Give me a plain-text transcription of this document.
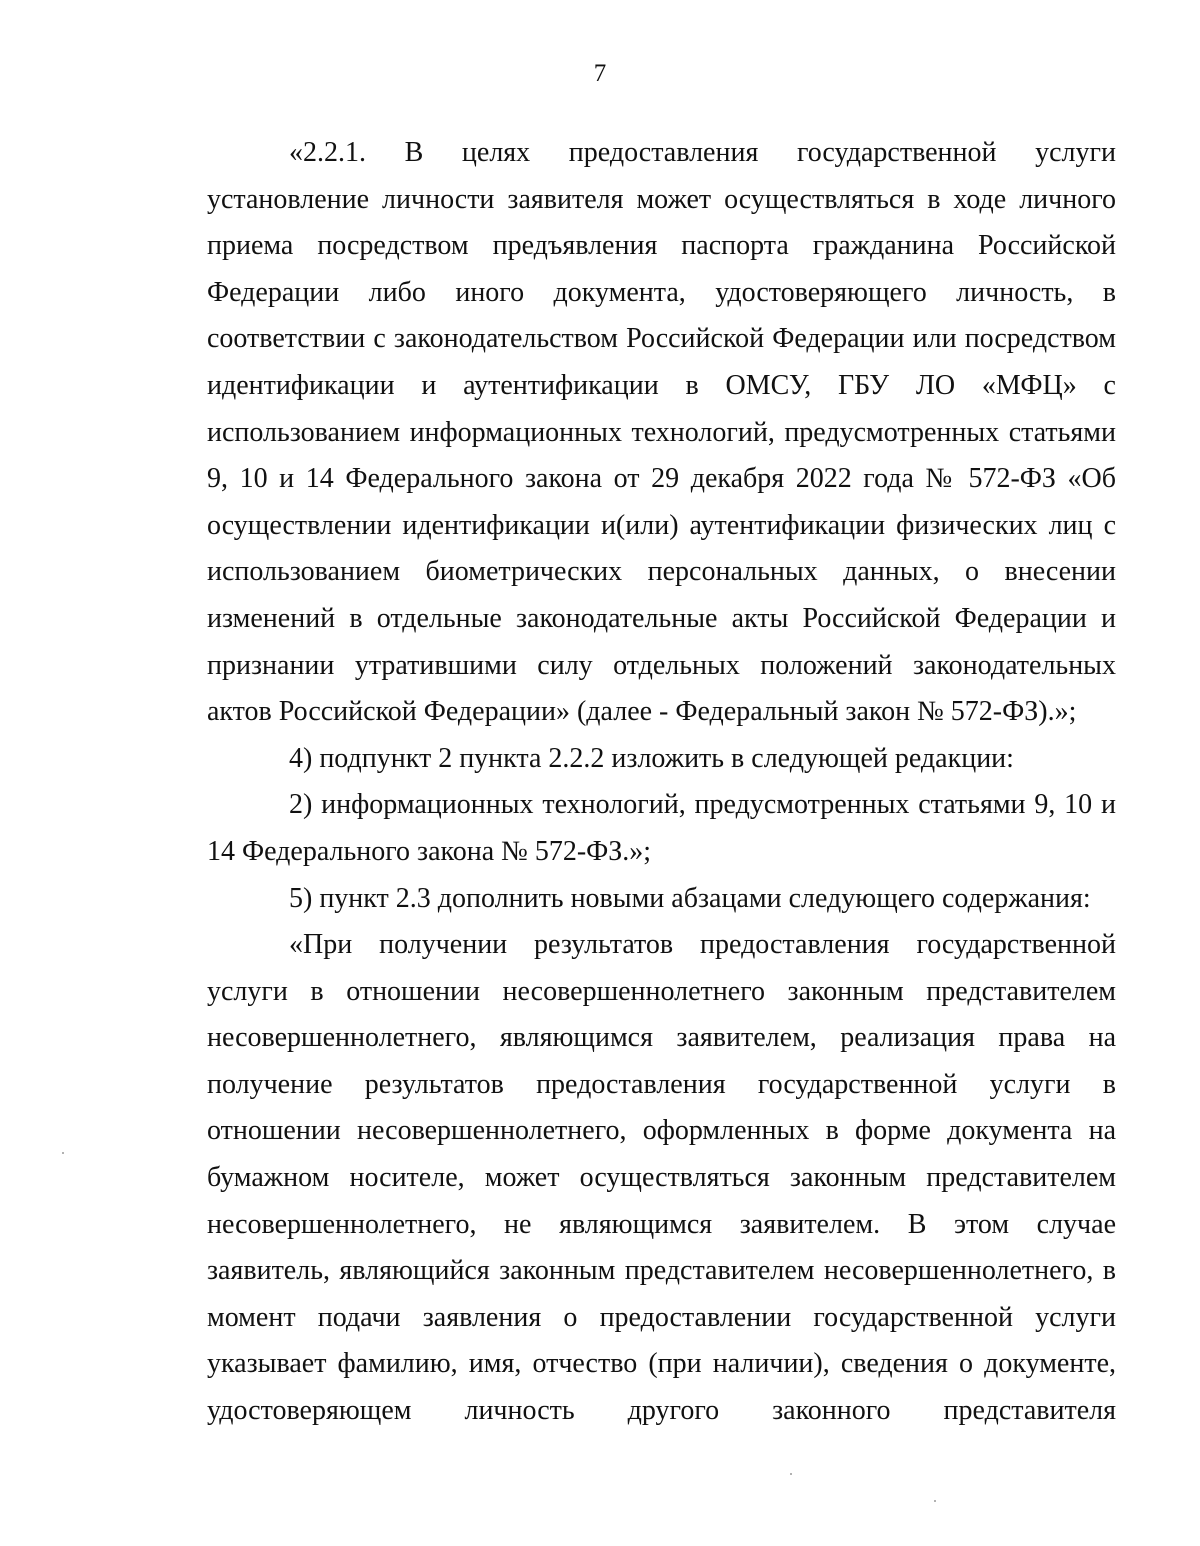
7

«2.2.1. В целях предоставления государственной услуги установление личности заявителя может осуществляться в ходе личного приема посредством предъявления паспорта гражданина Российской Федерации либо иного документа, удостоверяющего личность, в соответствии с законодательством Российской Федерации или посредством идентификации и аутентификации в ОМСУ, ГБУ ЛО «МФЦ» с использованием информационных технологий, предусмотренных статьями 9, 10 и 14 Федерального закона от 29 декабря 2022 года № 572-ФЗ «Об осуществлении идентификации и(или) аутентификации физических лиц с использованием биометрических персональных данных, о внесении изменений в отдельные законодательные акты Российской Федерации и признании утратившими силу отдельных положений законодательных актов Российской Федерации» (далее - Федеральный закон № 572-ФЗ).»;

4) подпункт 2 пункта 2.2.2 изложить в следующей редакции:

2) информационных технологий, предусмотренных статьями 9, 10 и 14 Федерального закона № 572-ФЗ.»;

5) пункт 2.3 дополнить новыми абзацами следующего содержания:

«При получении результатов предоставления государственной услуги в отношении несовершеннолетнего законным представителем несовершеннолетнего, являющимся заявителем, реализация права на получение результатов предоставления государственной услуги в отношении несовершеннолетнего, оформленных в форме документа на бумажном носителе, может осуществляться законным представителем несовершеннолетнего, не являющимся заявителем. В этом случае заявитель, являющийся законным представителем несовершеннолетнего, в момент подачи заявления о предоставлении государственной услуги указывает фамилию, имя, отчество (при наличии), сведения о документе, удостоверяющем личность другого законного представителя
